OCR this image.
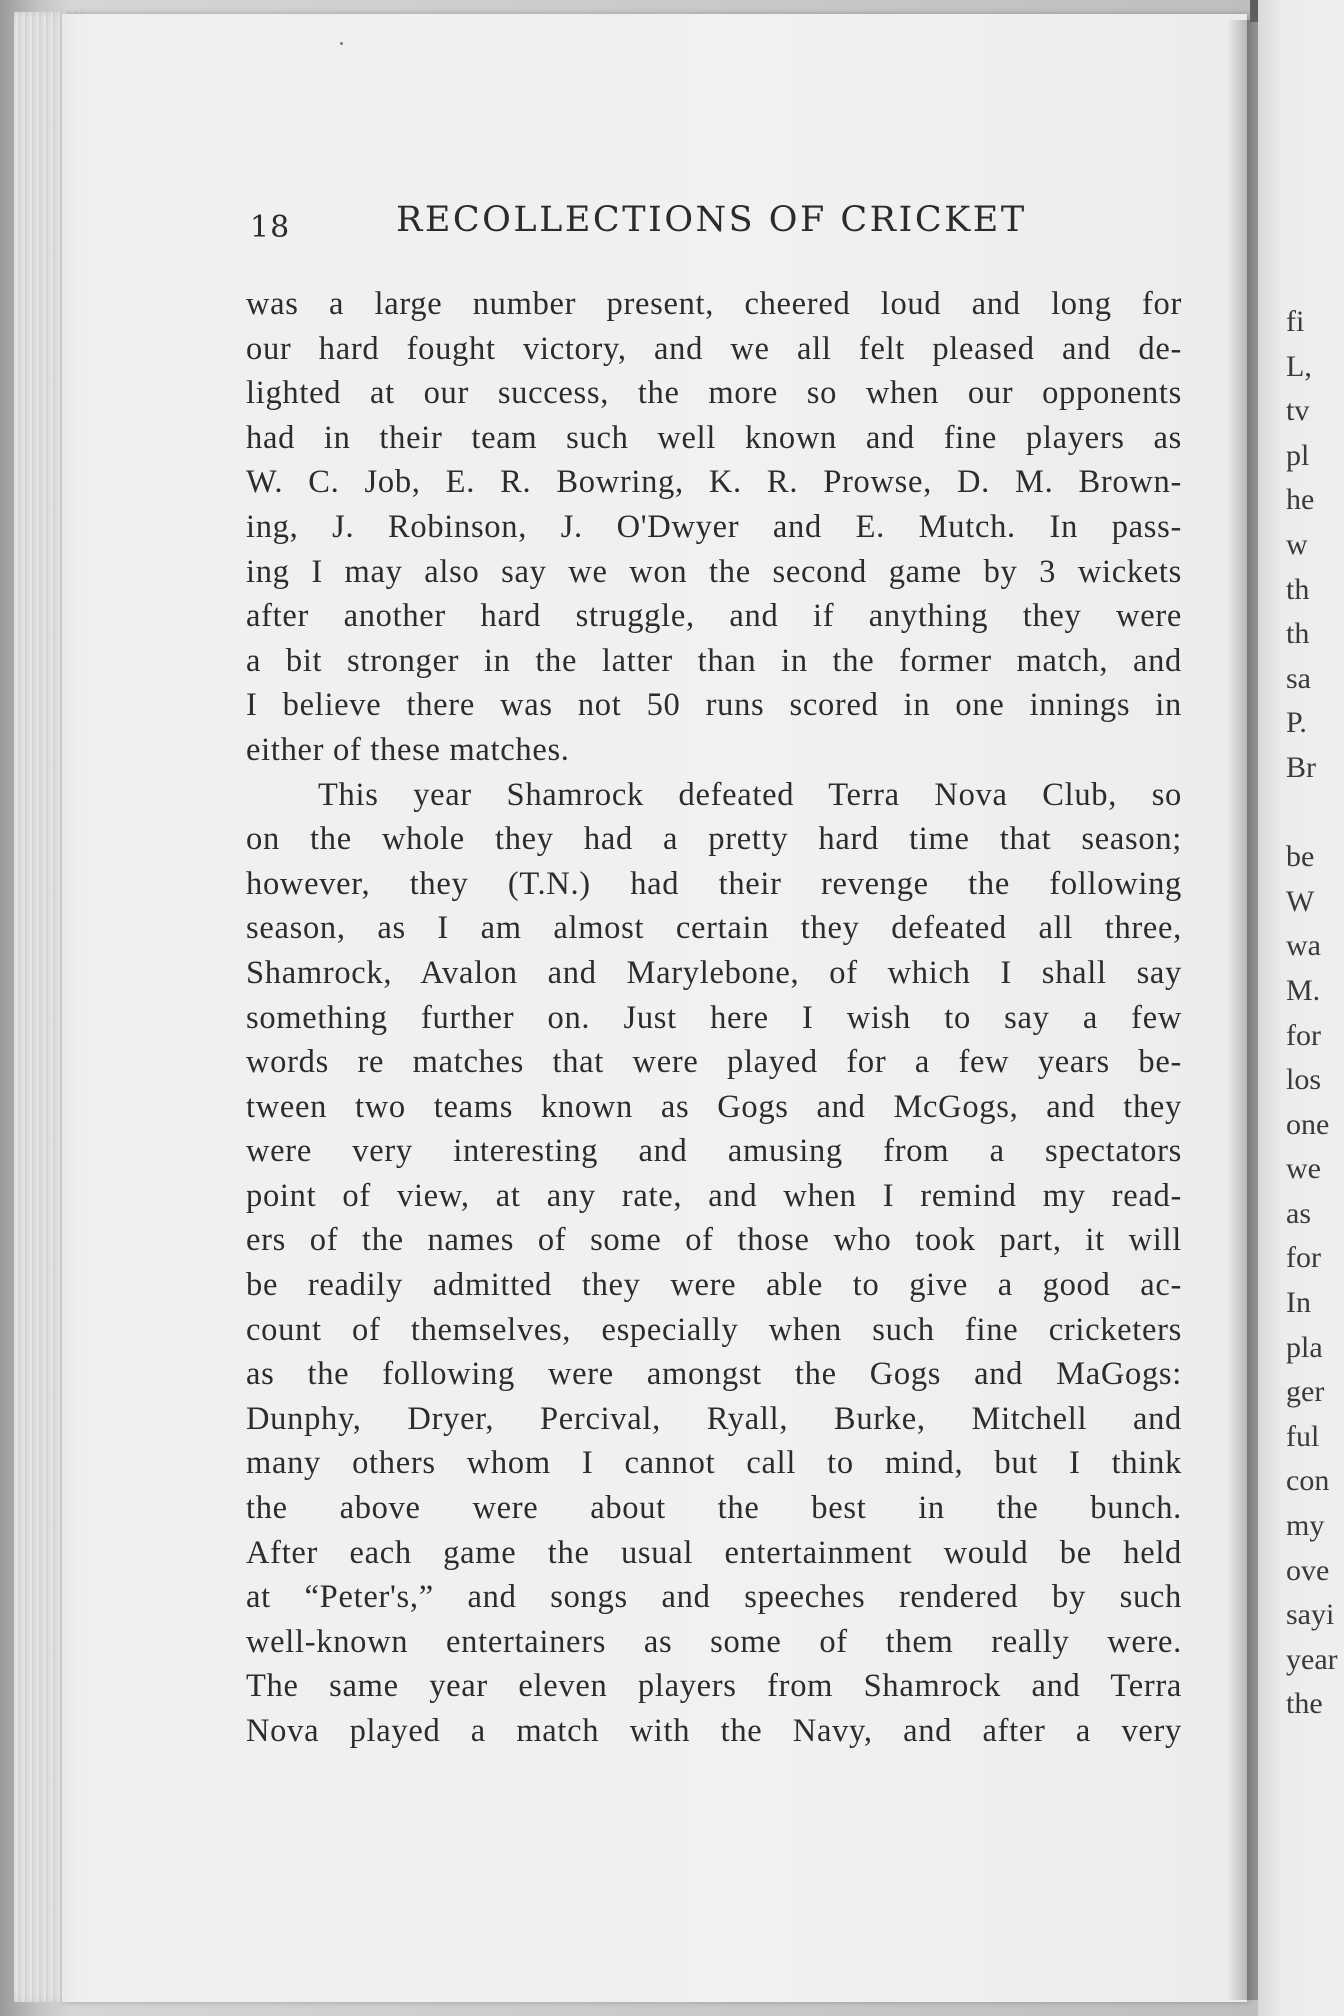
fi
L,
tv
pl
he
w
th
th
sa
P.
Br
be
W
wa
M.
for
los
one
we
as
for
In
pla
ger
ful
con
my
ove
sayi
year
the
18	RECOLLECTIONS OF CRICKET
was a large number present, cheered loud and long for
our hard fought victory, and we all felt pleased and de-
lighted at our success, the more so when our opponents
had in their team such well known and fine players as
W. C. Job, E. R. Bowring, K. R. Prowse, D. M. Brown-
ing, J. Robinson, J. O'Dwyer and E. Mutch. In pass-
ing I may also say we won the second game by 3 wickets
after another hard struggle, and if anything they were
a bit stronger in the latter than in the former match, and
I believe there was not 50 runs scored in one innings in
either of these matches.
This year Shamrock defeated Terra Nova Club, so
on the whole they had a pretty hard time that season;
however, they (T.N.) had their revenge the following
season, as I am almost certain they defeated all three,
Shamrock, Avalon and Marylebone, of which I shall say
something further on. Just here I wish to say a few
words re matches that were played for a few years be-
tween two teams known as Gogs and McGogs, and they
were very interesting and amusing from a spectators
point of view, at any rate, and when I remind my read-
ers of the names of some of those who took part, it will
be readily admitted they were able to give a good ac-
count of themselves, especially when such fine cricketers
as the following were amongst the Gogs and MaGogs:
Dunphy, Dryer, Percival, Ryall, Burke, Mitchell and
many others whom I cannot call to mind, but I think
the above were about the best in the bunch.
After each game the usual entertainment would be held
at “Peter's,” and songs and speeches rendered by such
well-known entertainers as some of them really were.
The same year eleven players from Shamrock and Terra
Nova played a match with the Navy, and after a very
